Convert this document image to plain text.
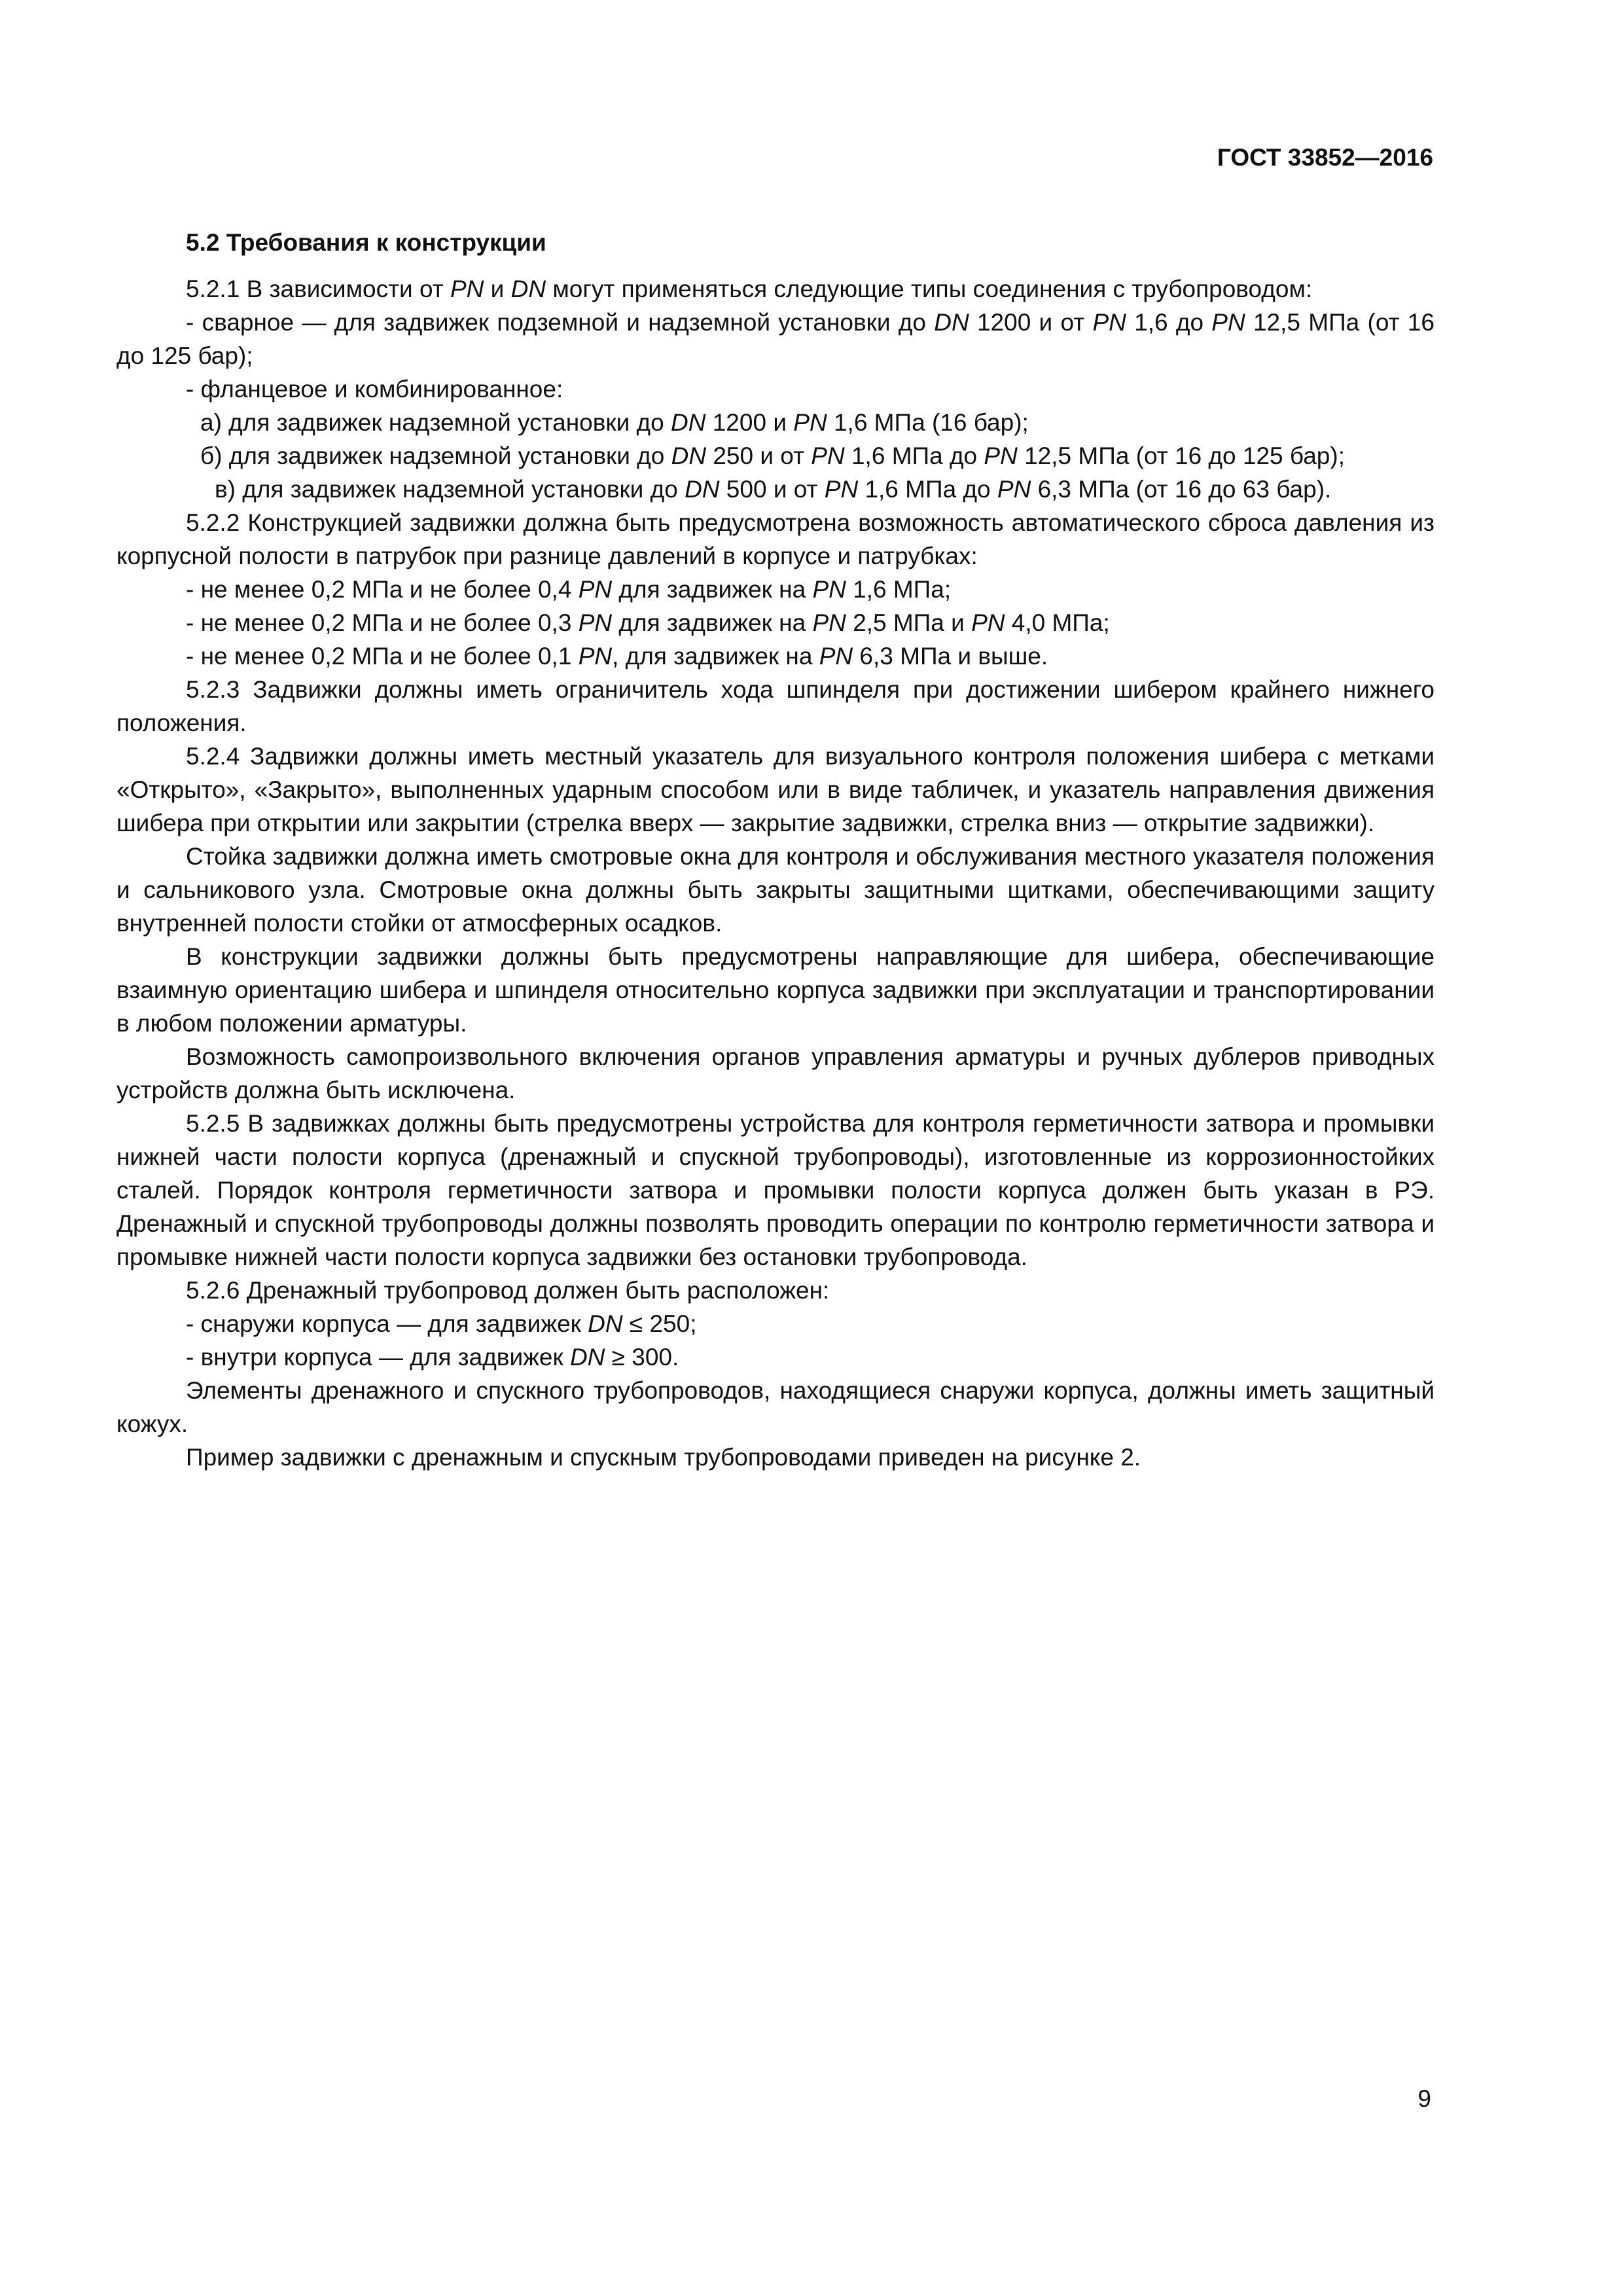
ГОСТ 33852—2016

5.2 Требования к конструкции

5.2.1 В зависимости от PN и DN могут применяться следующие типы соединения с трубопроводом:

- сварное — для задвижек подземной и надземной установки до DN 1200 и от PN 1,6 до PN 12,5 МПа (от 16 до 125 бар);

- фланцевое и комбинированное:

а) для задвижек надземной установки до DN 1200 и PN 1,6 МПа (16 бар);

б) для задвижек надземной установки до DN 250 и от PN 1,6 МПа до PN 12,5 МПа (от 16 до 125 бар);

в) для задвижек надземной установки до DN 500 и от PN 1,6 МПа до PN 6,3 МПа (от 16 до 63 бар).

5.2.2 Конструкцией задвижки должна быть предусмотрена возможность автоматического сброса давления из корпусной полости в патрубок при разнице давлений в корпусе и патрубках:

- не менее 0,2 МПа и не более 0,4 PN для задвижек на PN 1,6 МПа;

- не менее 0,2 МПа и не более 0,3 PN для задвижек на PN 2,5 МПа и PN 4,0 МПа;

- не менее 0,2 МПа и не более 0,1 PN, для задвижек на PN 6,3 МПа и выше.

5.2.3 Задвижки должны иметь ограничитель хода шпинделя при достижении шибером крайнего нижнего положения.

5.2.4 Задвижки должны иметь местный указатель для визуального контроля положения шибера с метками «Открыто», «Закрыто», выполненных ударным способом или в виде табличек, и указатель направления движения шибера при открытии или закрытии (стрелка вверх — закрытие задвижки, стрелка вниз — открытие задвижки).

Стойка задвижки должна иметь смотровые окна для контроля и обслуживания местного указателя положения и сальникового узла. Смотровые окна должны быть закрыты защитными щитками, обеспечивающими защиту внутренней полости стойки от атмосферных осадков.

В конструкции задвижки должны быть предусмотрены направляющие для шибера, обеспечивающие взаимную ориентацию шибера и шпинделя относительно корпуса задвижки при эксплуатации и транспортировании в любом положении арматуры.

Возможность самопроизвольного включения органов управления арматуры и ручных дублеров приводных устройств должна быть исключена.

5.2.5 В задвижках должны быть предусмотрены устройства для контроля герметичности затвора и промывки нижней части полости корпуса (дренажный и спускной трубопроводы), изготовленные из коррозионностойких сталей. Порядок контроля герметичности затвора и промывки полости корпуса должен быть указан в РЭ. Дренажный и спускной трубопроводы должны позволять проводить операции по контролю герметичности затвора и промывке нижней части полости корпуса задвижки без остановки трубопровода.

5.2.6 Дренажный трубопровод должен быть расположен:

- снаружи корпуса — для задвижек DN ≤ 250;

- внутри корпуса — для задвижек DN ≥ 300.

Элементы дренажного и спускного трубопроводов, находящиеся снаружи корпуса, должны иметь защитный кожух.

Пример задвижки с дренажным и спускным трубопроводами приведен на рисунке 2.

9
